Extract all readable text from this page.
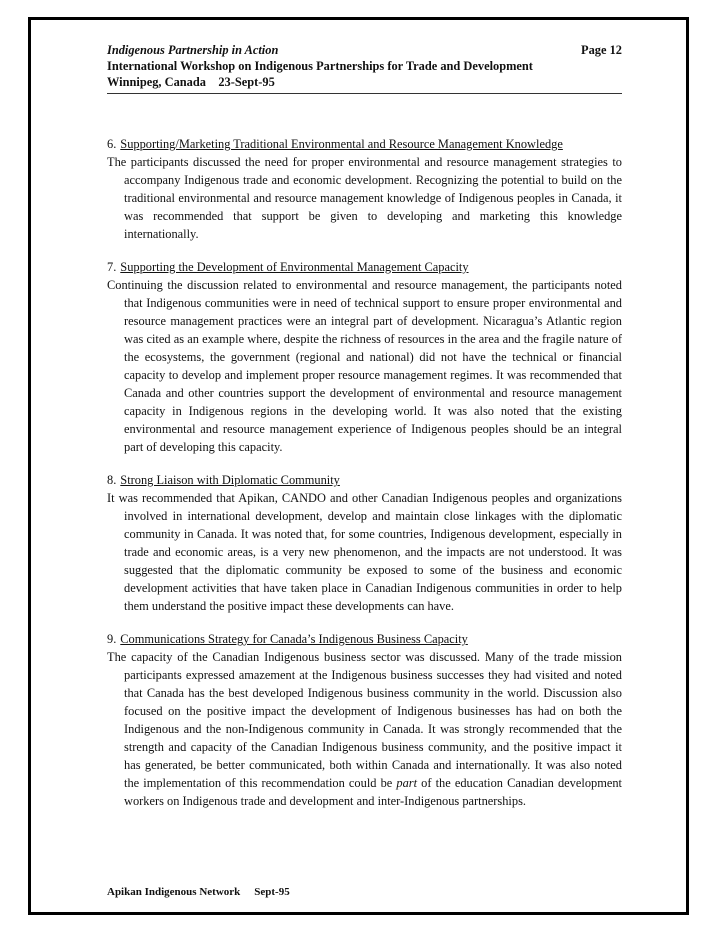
Indigenous Partnership in Action	Page 12
International Workshop on Indigenous Partnerships for Trade and Development
Winnipeg, Canada    23-Sept-95
6. Supporting/Marketing Traditional Environmental and Resource Management Knowledge
The participants discussed the need for proper environmental and resource management strategies to accompany Indigenous trade and economic development. Recognizing the potential to build on the traditional environmental and resource management knowledge of Indigenous peoples in Canada, it was recommended that support be given to developing and marketing this knowledge internationally.
7. Supporting the Development of Environmental Management Capacity
Continuing the discussion related to environmental and resource management, the participants noted that Indigenous communities were in need of technical support to ensure proper environmental and resource management practices were an integral part of development. Nicaragua’s Atlantic region was cited as an example where, despite the richness of resources in the area and the fragile nature of the ecosystems, the government (regional and national) did not have the technical or financial capacity to develop and implement proper resource management regimes. It was recommended that Canada and other countries support the development of environmental and resource management capacity in Indigenous regions in the developing world. It was also noted that the existing environmental and resource management experience of Indigenous peoples should be an integral part of developing this capacity.
8. Strong Liaison with Diplomatic Community
It was recommended that Apikan, CANDO and other Canadian Indigenous peoples and organizations involved in international development, develop and maintain close linkages with the diplomatic community in Canada. It was noted that, for some countries, Indigenous development, especially in trade and economic areas, is a very new phenomenon, and the impacts are not understood. It was suggested that the diplomatic community be exposed to some of the business and economic development activities that have taken place in Canadian Indigenous communities in order to help them understand the positive impact these developments can have.
9. Communications Strategy for Canada’s Indigenous Business Capacity
The capacity of the Canadian Indigenous business sector was discussed. Many of the trade mission participants expressed amazement at the Indigenous business successes they had visited and noted that Canada has the best developed Indigenous business community in the world. Discussion also focused on the positive impact the development of Indigenous businesses has had on both the Indigenous and the non-Indigenous community in Canada. It was strongly recommended that the strength and capacity of the Canadian Indigenous business community, and the positive impact it has generated, be better communicated, both within Canada and internationally. It was also noted the implementation of this recommendation could be part of the education Canadian development workers on Indigenous trade and development and inter-Indigenous partnerships.
Apikan Indigenous Network Sept-95
